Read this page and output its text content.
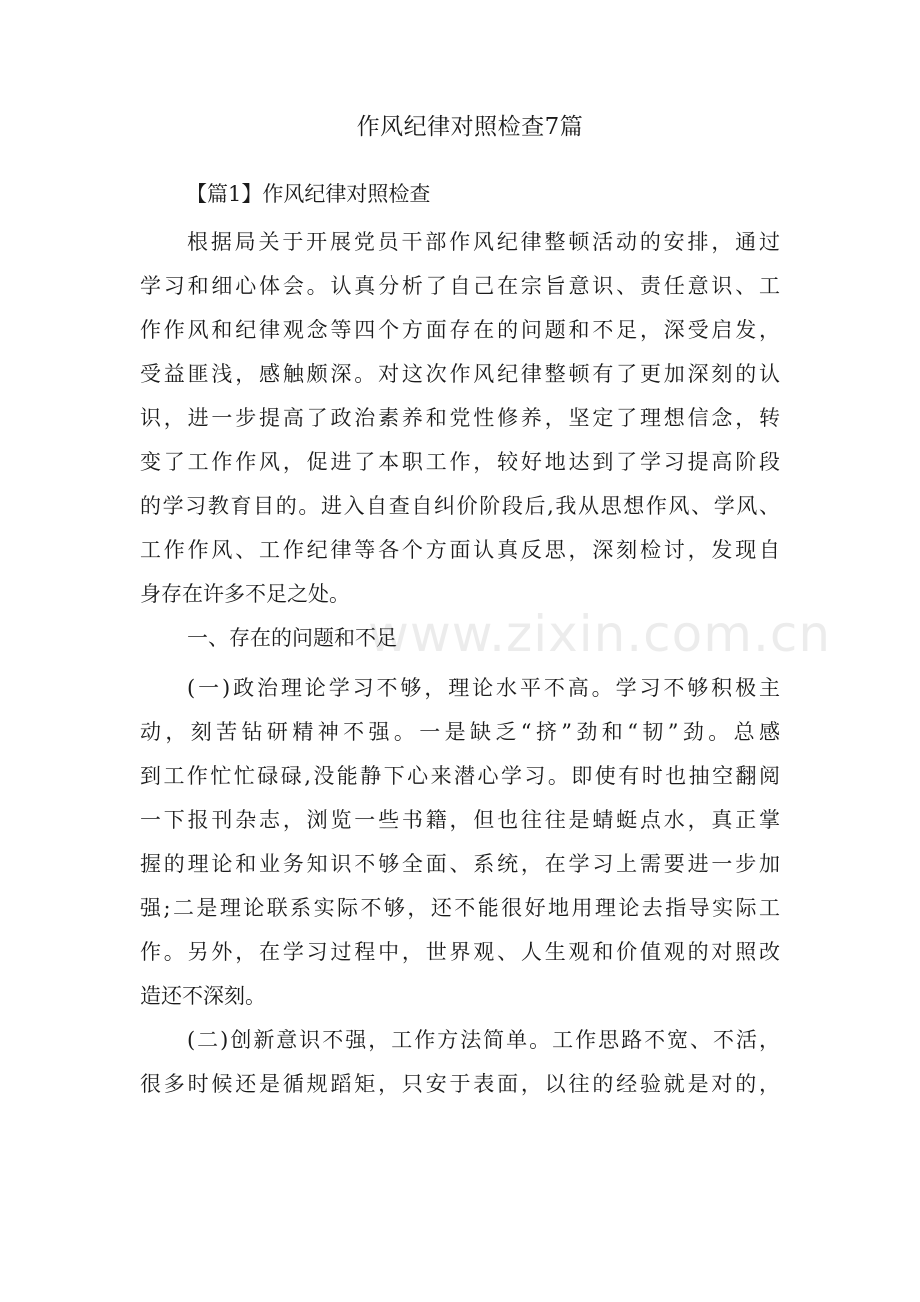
作风纪律对照检查7篇
【篇1】作风纪律对照检查
根据局关于开展党员干部作风纪律整顿活动的安排，通过
学习和细心体会。认真分析了自己在宗旨意识、责任意识、工
作作风和纪律观念等四个方面存在的问题和不足，深受启发，
受益匪浅，感触颇深。对这次作风纪律整顿有了更加深刻的认
识，进一步提高了政治素养和党性修养，坚定了理想信念，转
变了工作作风，促进了本职工作，较好地达到了学习提高阶段
的学习教育目的。进入自查自纠价阶段后,我从思想作风、学风、
工作作风、工作纪律等各个方面认真反思，深刻检讨，发现自
身存在许多不足之处。
一、存在的问题和不足
(一)政治理论学习不够，理论水平不高。学习不够积极主
动，刻苦钻研精神不强。一是缺乏“挤”劲和“韧”劲。总感
到工作忙忙碌碌,没能静下心来潜心学习。即使有时也抽空翻阅
一下报刊杂志，浏览一些书籍，但也往往是蜻蜓点水，真正掌
握的理论和业务知识不够全面、系统，在学习上需要进一步加
强;二是理论联系实际不够，还不能很好地用理论去指导实际工
作。另外，在学习过程中，世界观、人生观和价值观的对照改
造还不深刻。
(二)创新意识不强，工作方法简单。工作思路不宽、不活，
很多时候还是循规蹈矩，只安于表面，以往的经验就是对的，
www.zixin.com.cn
